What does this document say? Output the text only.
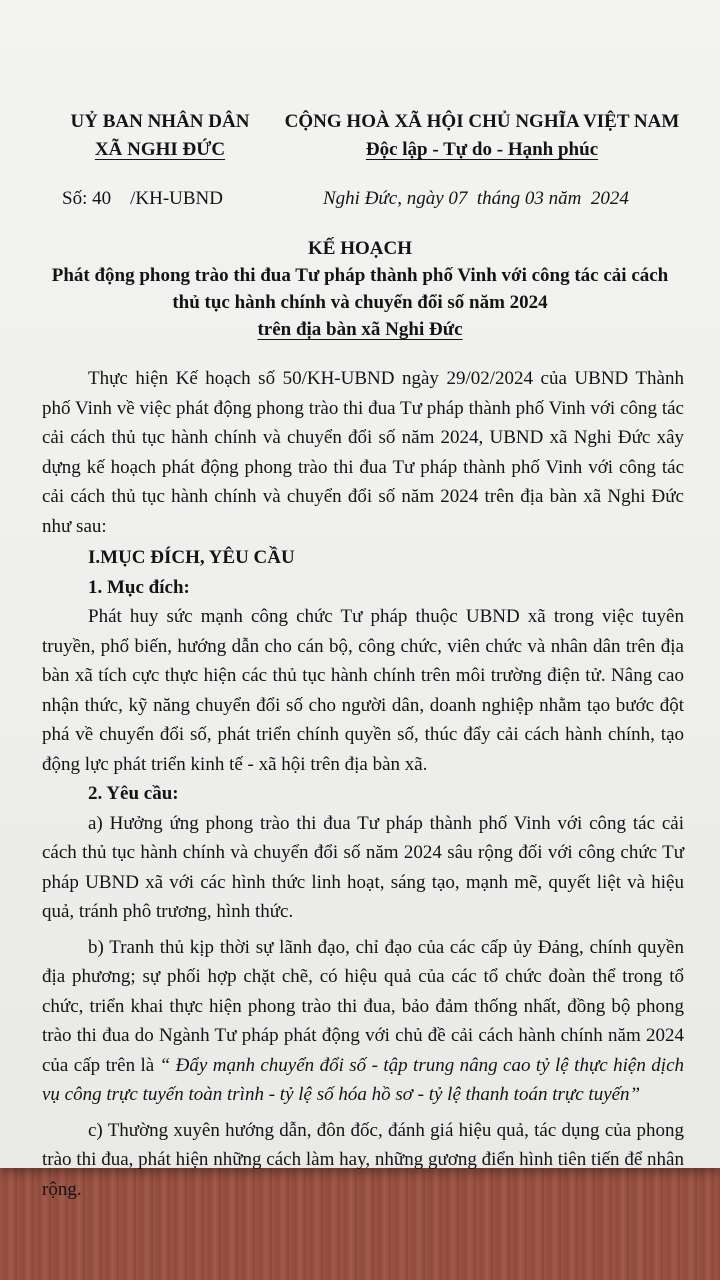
UỶ BAN NHÂN DÂN
XÃ NGHI ĐỨC
CỘNG HOÀ XÃ HỘI CHỦ NGHĨA VIỆT NAM
Độc lập - Tự do - Hạnh phúc
Số: 40    /KH-UBND	Nghi Đức, ngày 07  tháng 03 năm  2024
KẾ HOẠCH
Phát động phong trào thi đua Tư pháp thành phố Vinh với công tác cải cách
thủ tục hành chính và chuyển đổi số năm 2024
trên địa bàn xã Nghi Đức

Thực hiện Kế hoạch số 50/KH-UBND ngày 29/02/2024 của UBND Thành phố Vinh về việc phát động phong trào thi đua Tư pháp thành phố Vinh với công tác cải cách thủ tục hành chính và chuyển đổi số năm 2024, UBND xã Nghi Đức xây dựng kế hoạch phát động phong trào thi đua Tư pháp thành phố Vinh với công tác cải cách thủ tục hành chính và chuyển đổi số năm 2024 trên địa bàn xã Nghi Đức như sau:

I.MỤC ĐÍCH, YÊU CẦU

1. Mục đích:

Phát huy sức mạnh công chức Tư pháp thuộc UBND xã trong việc tuyên truyền, phổ biến, hướng dẫn cho cán bộ, công chức, viên chức và nhân dân trên địa bàn xã tích cực thực hiện các thủ tục hành chính trên môi trường điện tử. Nâng cao nhận thức, kỹ năng chuyển đổi số cho người dân, doanh nghiệp nhằm tạo bước đột phá về chuyển đổi số, phát triển chính quyền số, thúc đẩy cải cách hành chính, tạo động lực phát triển kinh tế - xã hội trên địa bàn xã.

2. Yêu cầu:

a) Hưởng ứng phong trào thi đua Tư pháp thành phố Vinh với công tác cải cách thủ tục hành chính và chuyển đổi số năm 2024 sâu rộng đối với công chức Tư pháp UBND xã với các hình thức linh hoạt, sáng tạo, mạnh mẽ, quyết liệt và hiệu quả, tránh phô trương, hình thức.

b) Tranh thủ kịp thời sự lãnh đạo, chỉ đạo của các cấp ủy Đảng, chính quyền địa phương; sự phối hợp chặt chẽ, có hiệu quả của các tổ chức đoàn thể trong tổ chức, triển khai thực hiện phong trào thi đua, bảo đảm thống nhất, đồng bộ phong trào thi đua do Ngành Tư pháp phát động với chủ đề cải cách hành chính năm 2024 của cấp trên là “ Đẩy mạnh chuyển đổi số - tập trung nâng cao tỷ lệ thực hiện dịch vụ công trực tuyến toàn trình - tỷ lệ số hóa hồ sơ - tỷ lệ thanh toán trực tuyến”

c) Thường xuyên hướng dẫn, đôn đốc, đánh giá hiệu quả, tác dụng của phong trào thi đua, phát hiện những cách làm hay, những gương điển hình tiên tiến để nhân rộng.
